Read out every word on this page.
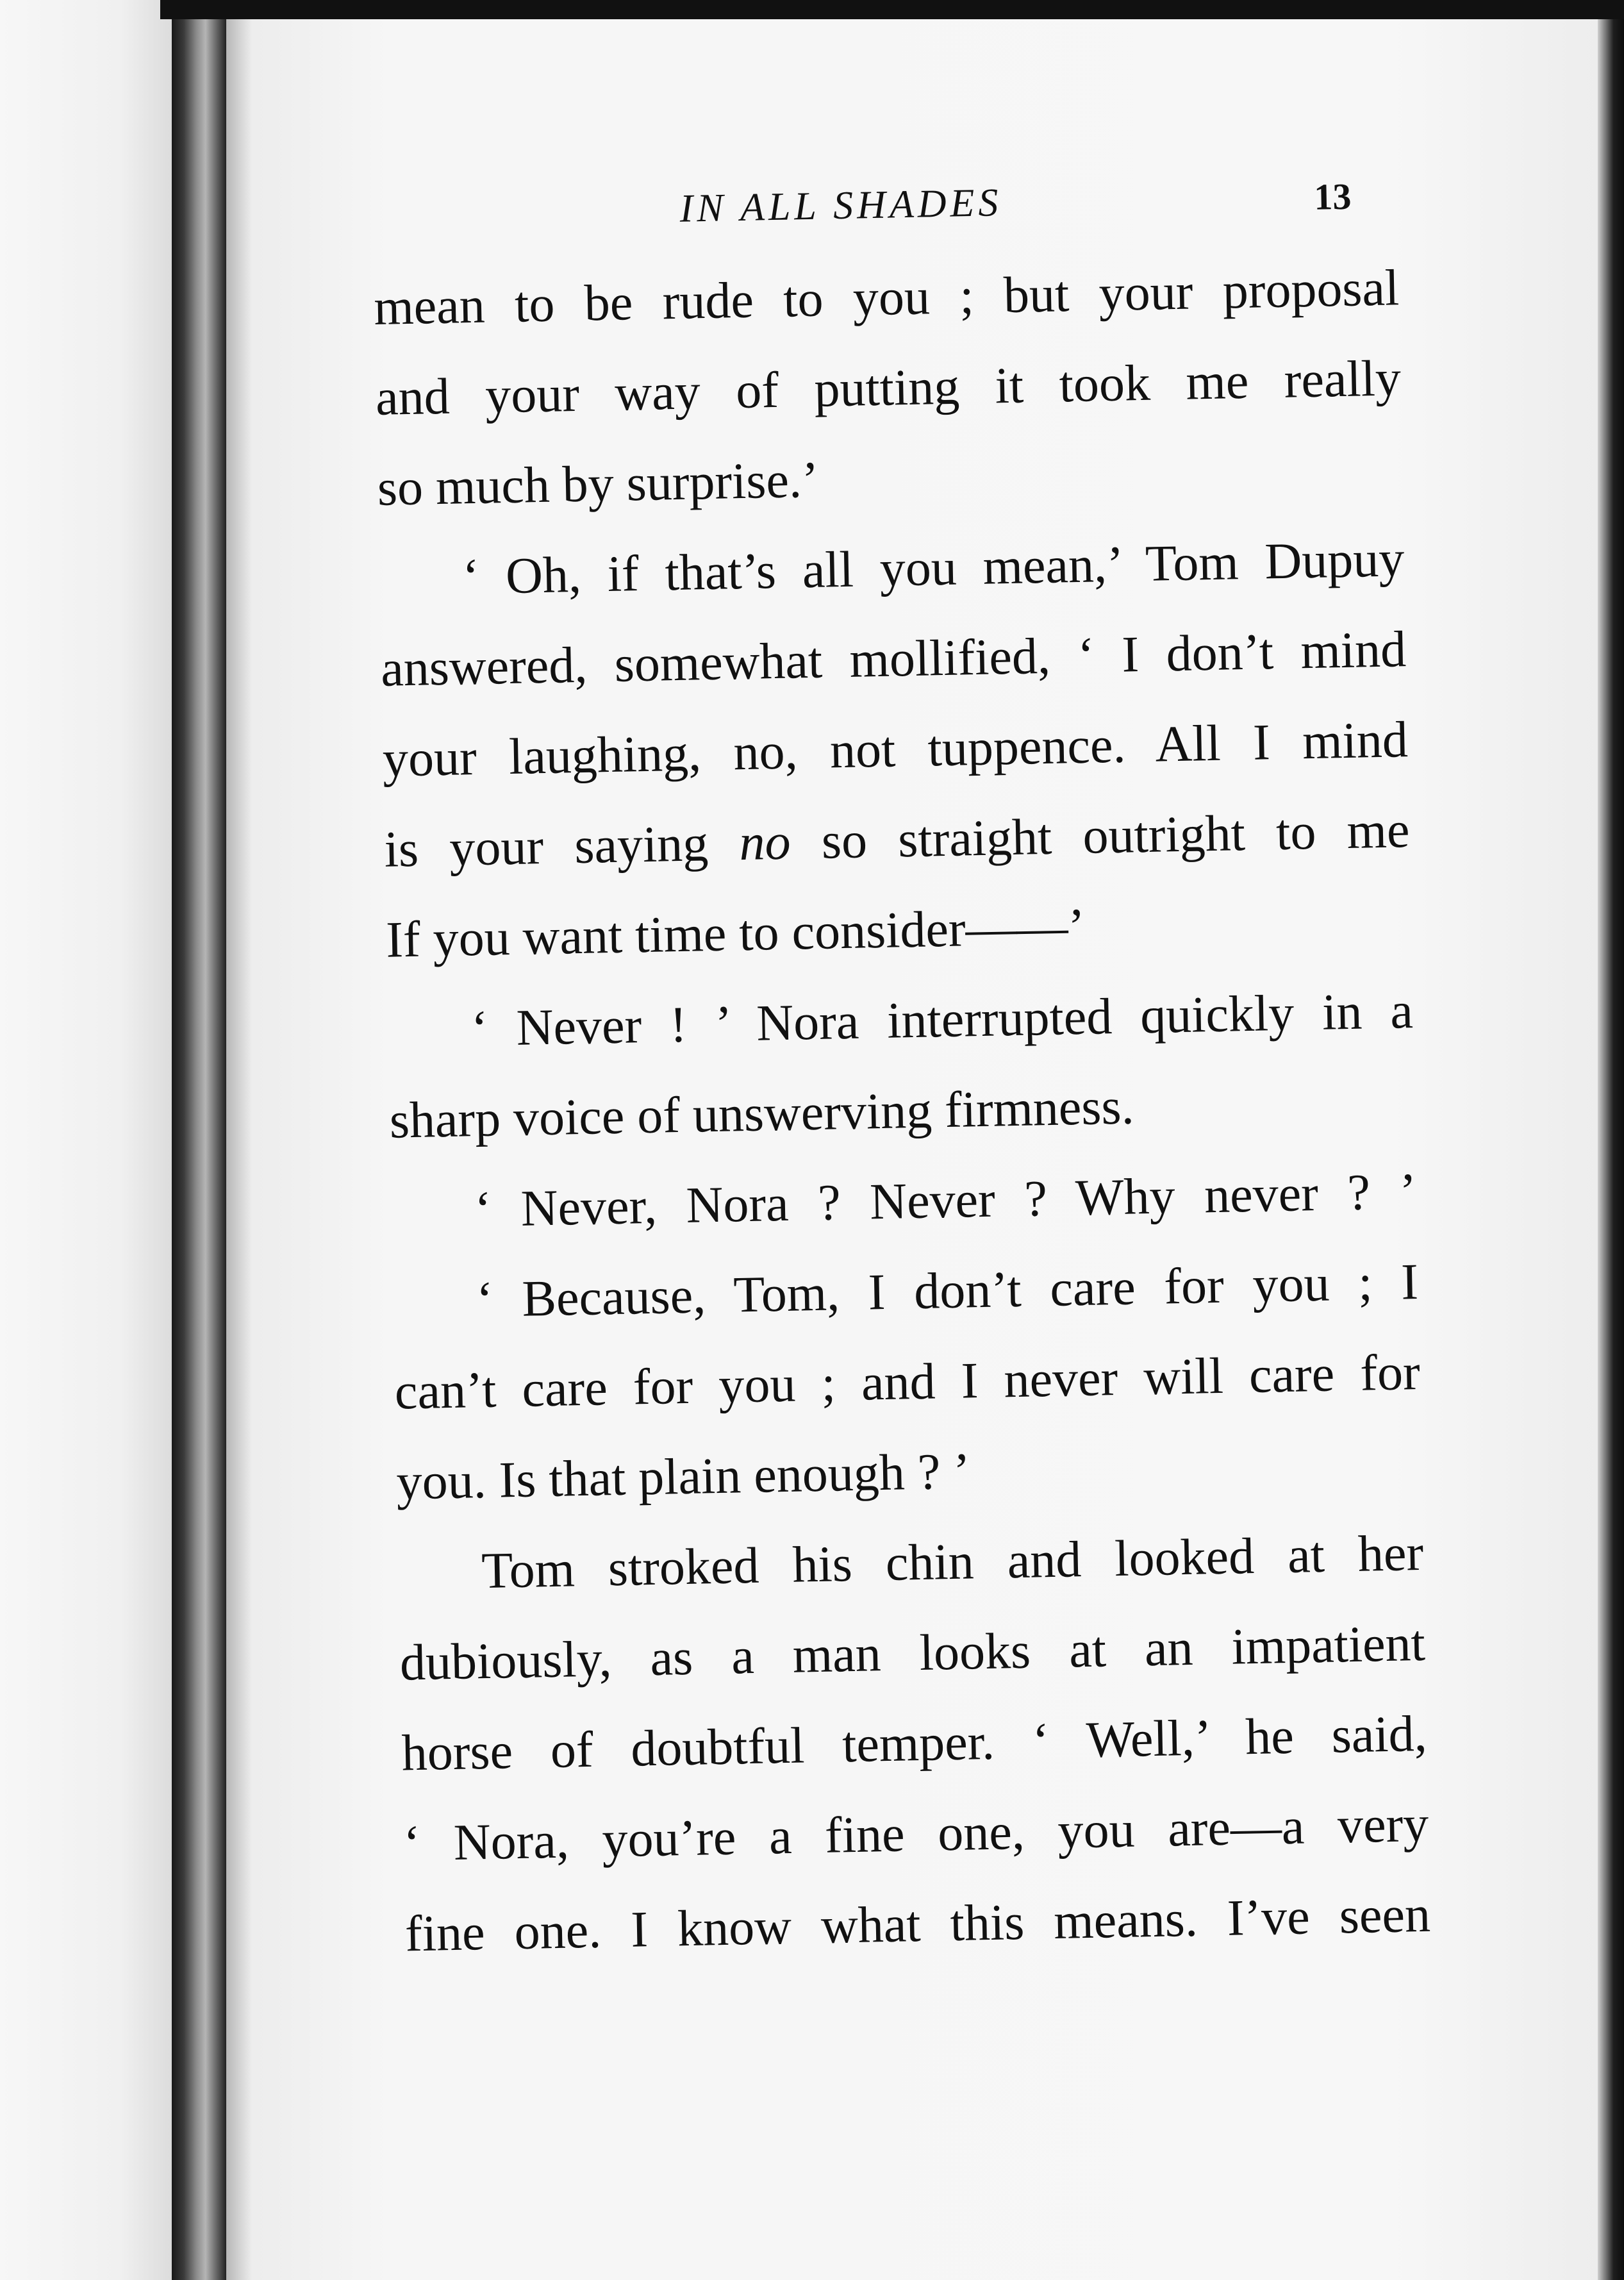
IN ALL SHADES	13
mean to be rude to you ; but your proposal
and your way of putting it took me really
so much by surprise.’
‘ Oh, if that’s all you mean,’ Tom Dupuy
answered, somewhat mollified, ‘ I don’t mind
your laughing, no, not tuppence. All I mind
is your saying no so straight outright to me
If you want time to consider——’
‘ Never ! ’ Nora interrupted quickly in a
sharp voice of unswerving firmness.
‘ Never, Nora ? Never ? Why never ? ’
‘ Because, Tom, I don’t care for you ; I
can’t care for you ; and I never will care for
you. Is that plain enough ? ’
Tom stroked his chin and looked at her
dubiously, as a man looks at an impatient
horse of doubtful temper. ‘ Well,’ he said,
‘ Nora, you’re a fine one, you are—a very
fine one. I know what this means. I’ve seen
